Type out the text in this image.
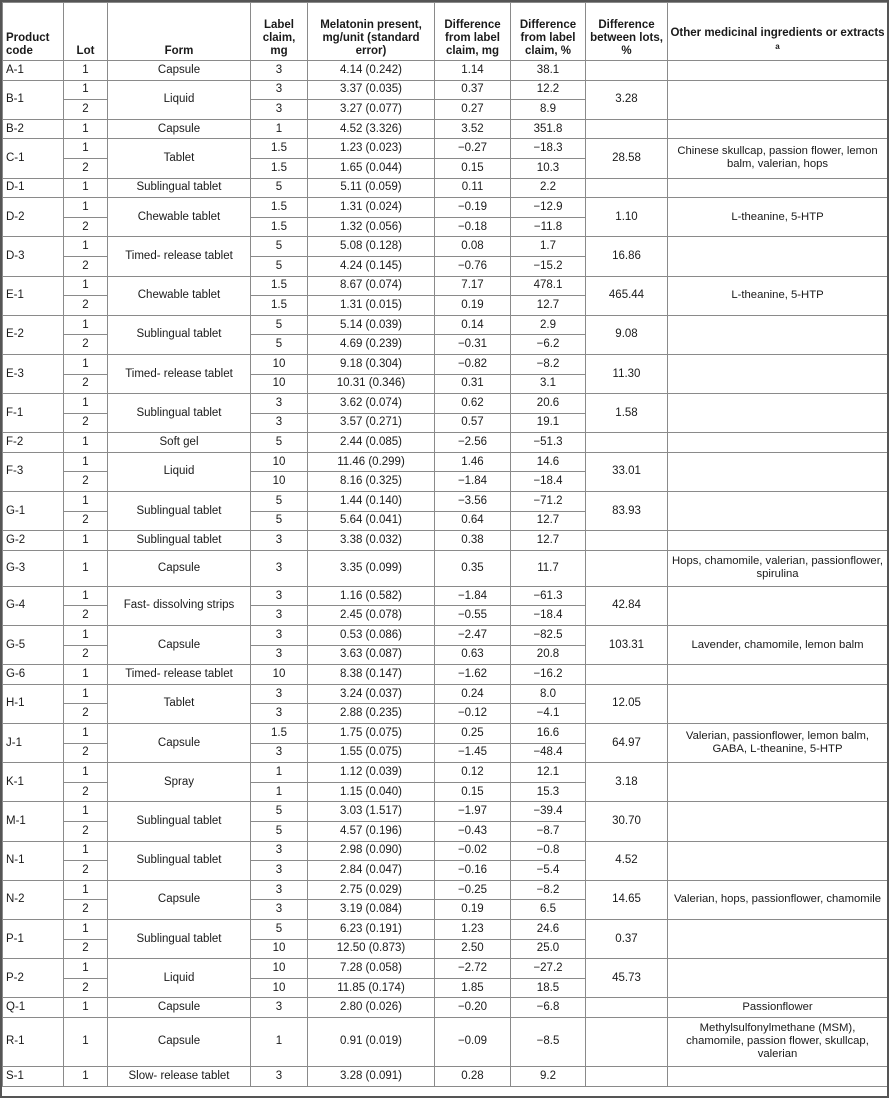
Product code	Lot	Form	Label claim, mg	Melatonin present, mg/unit (standard error)	Difference from label claim, mg	Difference from label claim, %	Difference between lots, %	Other medicinal ingredients or extracts $^a$
A-1	1	Capsule	3	4.14 (0.242)	1.14	38.1		
B-1	1	Liquid	3	3.37 (0.035)	0.37	12.2	3.28	
	2		3	3.27 (0.077)	0.27	8.9		
B-2	1	Capsule	1	4.52 (3.326)	3.52	351.8		
C-1	1	Tablet	1.5	1.23 (0.023)	−0.27	−18.3	28.58	Chinese skullcap, passion flower, lemon balm, valerian, hops
	2		1.5	1.65 (0.044)	0.15	10.3		
D-1	1	Sublingual tablet	5	5.11 (0.059)	0.11	2.2		
D-2	1	Chewable tablet	1.5	1.31 (0.024)	−0.19	−12.9	1.10	L-theanine, 5-HTP
	2		1.5	1.32 (0.056)	−0.18	−11.8		
D-3	1	Timed- release tablet	5	5.08 (0.128)	0.08	1.7	16.86	
	2		5	4.24 (0.145)	−0.76	−15.2		
E-1	1	Chewable tablet	1.5	8.67 (0.074)	7.17	478.1	465.44	L-theanine, 5-HTP
	2		1.5	1.31 (0.015)	0.19	12.7		
E-2	1	Sublingual tablet	5	5.14 (0.039)	0.14	2.9	9.08	
	2		5	4.69 (0.239)	−0.31	−6.2		
E-3	1	Timed- release tablet	10	9.18 (0.304)	−0.82	−8.2	11.30	
	2		10	10.31 (0.346)	0.31	3.1		
F-1	1	Sublingual tablet	3	3.62 (0.074)	0.62	20.6	1.58	
	2		3	3.57 (0.271)	0.57	19.1		
F-2	1	Soft gel	5	2.44 (0.085)	−2.56	−51.3		
F-3	1	Liquid	10	11.46 (0.299)	1.46	14.6	33.01	
	2		10	8.16 (0.325)	−1.84	−18.4		
G-1	1	Sublingual tablet	5	1.44 (0.140)	−3.56	−71.2	83.93	
	2		5	5.64 (0.041)	0.64	12.7		
G-2	1	Sublingual tablet	3	3.38 (0.032)	0.38	12.7		
G-3	1	Capsule	3	3.35 (0.099)	0.35	11.7		Hops, chamomile, valerian, passionflower, spirulina
G-4	1	Fast- dissolving strips	3	1.16 (0.582)	−1.84	−61.3	42.84	
	2		3	2.45 (0.078)	−0.55	−18.4		
G-5	1	Capsule	3	0.53 (0.086)	−2.47	−82.5	103.31	Lavender, chamomile, lemon balm
	2		3	3.63 (0.087)	0.63	20.8		
G-6	1	Timed- release tablet	10	8.38 (0.147)	−1.62	−16.2		
H-1	1	Tablet	3	3.24 (0.037)	0.24	8.0	12.05	
	2		3	2.88 (0.235)	−0.12	−4.1		
J-1	1	Capsule	1.5	1.75 (0.075)	0.25	16.6	64.97	Valerian, passionflower, lemon balm, GABA, L-theanine, 5-HTP
	2		3	1.55 (0.075)	−1.45	−48.4		
K-1	1	Spray	1	1.12 (0.039)	0.12	12.1	3.18	
	2		1	1.15 (0.040)	0.15	15.3		
M-1	1	Sublingual tablet	5	3.03 (1.517)	−1.97	−39.4	30.70	
	2		5	4.57 (0.196)	−0.43	−8.7		
N-1	1	Sublingual tablet	3	2.98 (0.090)	−0.02	−0.8	4.52	
	2		3	2.84 (0.047)	−0.16	−5.4		
N-2	1	Capsule	3	2.75 (0.029)	−0.25	−8.2	14.65	Valerian, hops, passionflower, chamomile
	2		3	3.19 (0.084)	0.19	6.5		
P-1	1	Sublingual tablet	5	6.23 (0.191)	1.23	24.6	0.37	
	2		10	12.50 (0.873)	2.50	25.0		
P-2	1	Liquid	10	7.28 (0.058)	−2.72	−27.2	45.73	
	2		10	11.85 (0.174)	1.85	18.5		
Q-1	1	Capsule	3	2.80 (0.026)	−0.20	−6.8		Passionflower
R-1	1	Capsule	1	0.91 (0.019)	−0.09	−8.5		Methylsulfonylmethane (MSM), chamomile, passion flower, skullcap, valerian
S-1	1	Slow- release tablet	3	3.28 (0.091)	0.28	9.2		
